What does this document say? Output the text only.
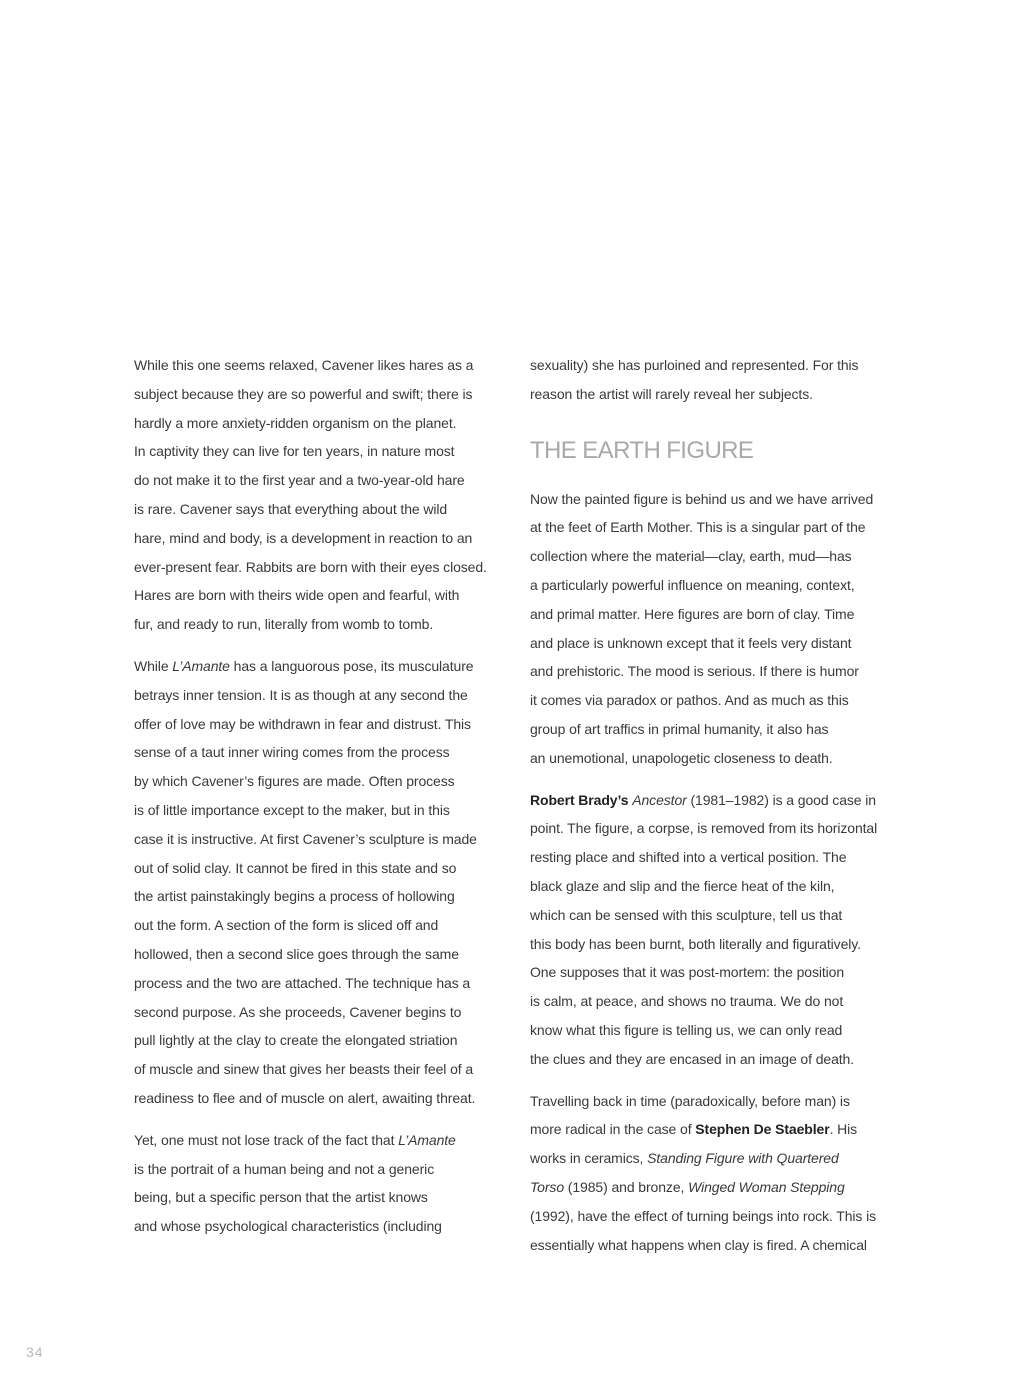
While this one seems relaxed, Cavener likes hares as a
subject because they are so powerful and swift; there is
hardly a more anxiety-ridden organism on the planet.
In captivity they can live for ten years, in nature most
do not make it to the first year and a two-year-old hare
is rare. Cavener says that everything about the wild
hare, mind and body, is a development in reaction to an
ever-present fear. Rabbits are born with their eyes closed.
Hares are born with theirs wide open and fearful, with
fur, and ready to run, literally from womb to tomb.

While L’Amante has a languorous pose, its musculature
betrays inner tension. It is as though at any second the
offer of love may be withdrawn in fear and distrust. This
sense of a taut inner wiring comes from the process
by which Cavener’s figures are made. Often process
is of little importance except to the maker, but in this
case it is instructive. At first Cavener’s sculpture is made
out of solid clay. It cannot be fired in this state and so
the artist painstakingly begins a process of hollowing
out the form. A section of the form is sliced off and
hollowed, then a second slice goes through the same
process and the two are attached. The technique has a
second purpose. As she proceeds, Cavener begins to
pull lightly at the clay to create the elongated striation
of muscle and sinew that gives her beasts their feel of a
readiness to flee and of muscle on alert, awaiting threat.

Yet, one must not lose track of the fact that L’Amante
is the portrait of a human being and not a generic
being, but a specific person that the artist knows
and whose psychological characteristics (including

sexuality) she has purloined and represented. For this
reason the artist will rarely reveal her subjects.

THE EARTH FIGURE

Now the painted figure is behind us and we have arrived
at the feet of Earth Mother. This is a singular part of the
collection where the material—clay, earth, mud—has
a particularly powerful influence on meaning, context,
and primal matter. Here figures are born of clay. Time
and place is unknown except that it feels very distant
and prehistoric. The mood is serious. If there is humor
it comes via paradox or pathos. And as much as this
group of art traffics in primal humanity, it also has
an unemotional, unapologetic closeness to death.

Robert Brady’s Ancestor (1981–1982) is a good case in
point. The figure, a corpse, is removed from its horizontal
resting place and shifted into a vertical position. The
black glaze and slip and the fierce heat of the kiln,
which can be sensed with this sculpture, tell us that
this body has been burnt, both literally and figuratively.
One supposes that it was post-mortem: the position
is calm, at peace, and shows no trauma. We do not
know what this figure is telling us, we can only read
the clues and they are encased in an image of death.

Travelling back in time (paradoxically, before man) is
more radical in the case of Stephen De Staebler. His
works in ceramics, Standing Figure with Quartered
Torso (1985) and bronze, Winged Woman Stepping
(1992), have the effect of turning beings into rock. This is
essentially what happens when clay is fired. A chemical

34
